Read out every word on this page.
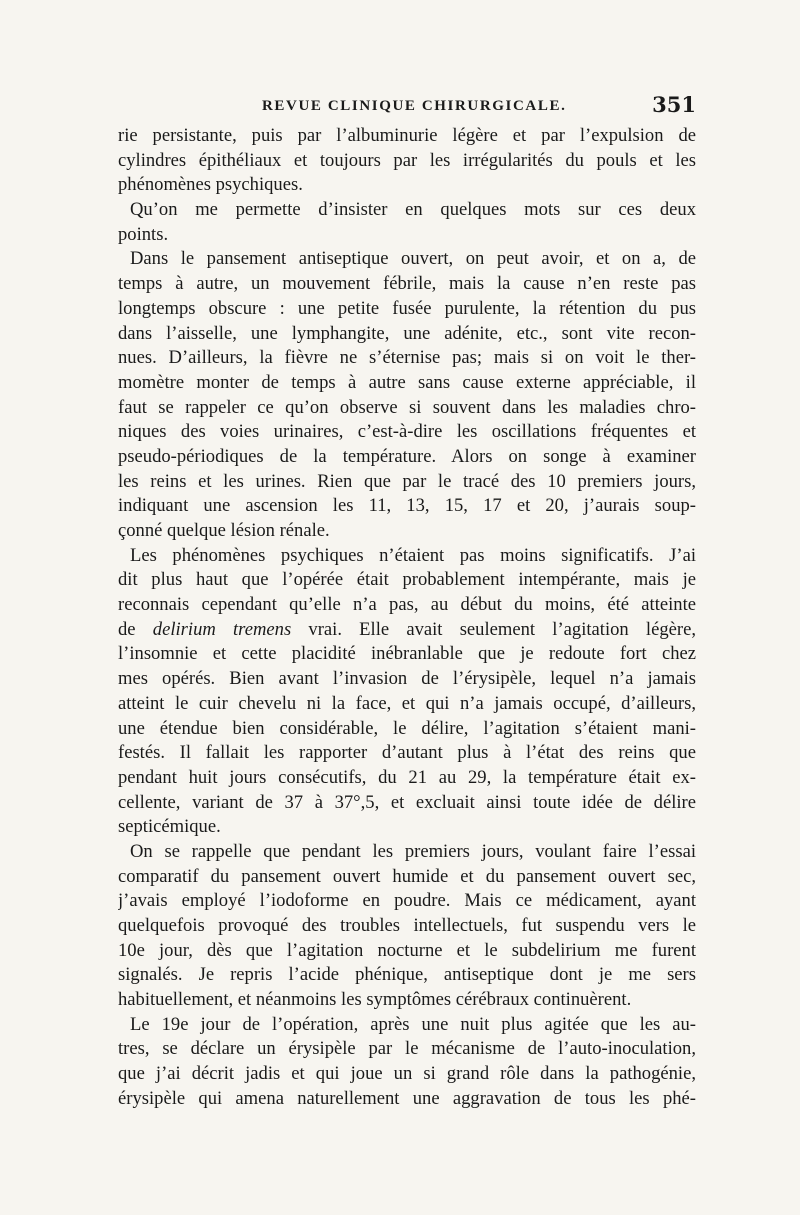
REVUE CLINIQUE CHIRURGICALE.	351
rie persistante, puis par l’albuminurie légère et par l’expulsion de
cylindres épithéliaux et toujours par les irrégularités du pouls et les
phénomènes psychiques.
Qu’on me permette d’insister en quelques mots sur ces deux
points.
Dans le pansement antiseptique ouvert, on peut avoir, et on a, de
temps à autre, un mouvement fébrile, mais la cause n’en reste pas
longtemps obscure : une petite fusée purulente, la rétention du pus
dans l’aisselle, une lymphangite, une adénite, etc., sont vite recon-
nues. D’ailleurs, la fièvre ne s’éternise pas; mais si on voit le ther-
momètre monter de temps à autre sans cause externe appréciable, il
faut se rappeler ce qu’on observe si souvent dans les maladies chro-
niques des voies urinaires, c’est-à-dire les oscillations fréquentes et
pseudo-périodiques de la température. Alors on songe à examiner
les reins et les urines. Rien que par le tracé des 10 premiers jours,
indiquant une ascension les 11, 13, 15, 17 et 20, j’aurais soup-
çonné quelque lésion rénale.
Les phénomènes psychiques n’étaient pas moins significatifs. J’ai
dit plus haut que l’opérée était probablement intempérante, mais je
reconnais cependant qu’elle n’a pas, au début du moins, été atteinte
de delirium tremens vrai. Elle avait seulement l’agitation légère,
l’insomnie et cette placidité inébranlable que je redoute fort chez
mes opérés. Bien avant l’invasion de l’érysipèle, lequel n’a jamais
atteint le cuir chevelu ni la face, et qui n’a jamais occupé, d’ailleurs,
une étendue bien considérable, le délire, l’agitation s’étaient mani-
festés. Il fallait les rapporter d’autant plus à l’état des reins que
pendant huit jours consécutifs, du 21 au 29, la température était ex-
cellente, variant de 37 à 37°,5, et excluait ainsi toute idée de délire
septicémique.
On se rappelle que pendant les premiers jours, voulant faire l’essai
comparatif du pansement ouvert humide et du pansement ouvert sec,
j’avais employé l’iodoforme en poudre. Mais ce médicament, ayant
quelquefois provoqué des troubles intellectuels, fut suspendu vers le
10e jour, dès que l’agitation nocturne et le subdelirium me furent
signalés. Je repris l’acide phénique, antiseptique dont je me sers
habituellement, et néanmoins les symptômes cérébraux continuèrent.
Le 19e jour de l’opération, après une nuit plus agitée que les au-
tres, se déclare un érysipèle par le mécanisme de l’auto-inoculation,
que j’ai décrit jadis et qui joue un si grand rôle dans la pathogénie,
érysipèle qui amena naturellement une aggravation de tous les phé-
